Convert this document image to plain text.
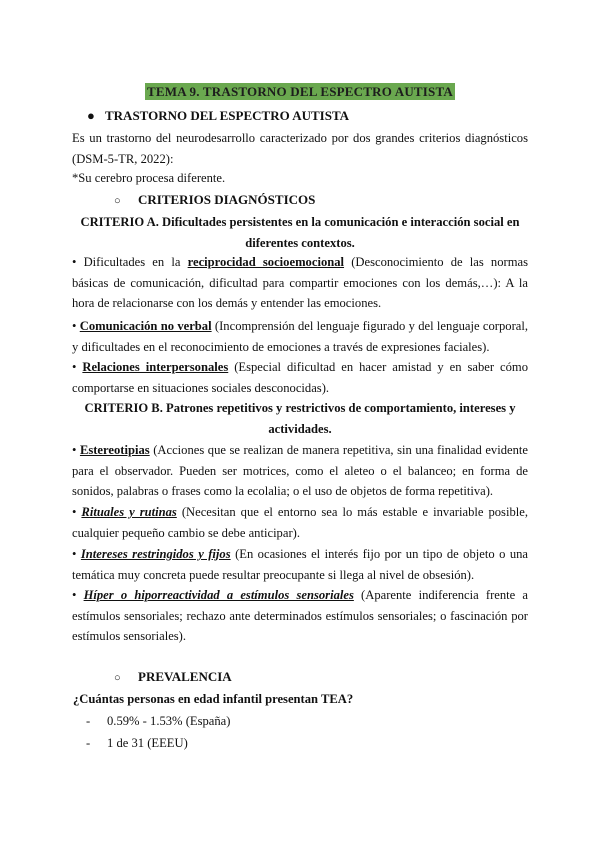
TEMA 9. TRASTORNO DEL ESPECTRO AUTISTA
● TRASTORNO DEL ESPECTRO AUTISTA
Es un trastorno del neurodesarrollo caracterizado por dos grandes criterios diagnósticos (DSM-5-TR, 2022):
*Su cerebro procesa diferente.
○ CRITERIOS DIAGNÓSTICOS
CRITERIO A. Dificultades persistentes en la comunicación e interacción social en
diferentes contextos.
• Dificultades en la reciprocidad socioemocional (Desconocimiento de las normas básicas de comunicación, dificultad para compartir emociones con los demás,…): A la hora de relacionarse con los demás y entender las emociones.
• Comunicación no verbal (Incomprensión del lenguaje figurado y del lenguaje corporal, y dificultades en el reconocimiento de emociones a través de expresiones faciales).
• Relaciones interpersonales (Especial dificultad en hacer amistad y en saber cómo comportarse en situaciones sociales desconocidas).
CRITERIO B. Patrones repetitivos y restrictivos de comportamiento, intereses y
actividades.
• Estereotipias (Acciones que se realizan de manera repetitiva, sin una finalidad evidente para el observador. Pueden ser motrices, como el aleteo o el balanceo; en forma de sonidos, palabras o frases como la ecolalia; o el uso de objetos de forma repetitiva).
• Rituales y rutinas (Necesitan que el entorno sea lo más estable e invariable posible, cualquier pequeño cambio se debe anticipar).
• Intereses restringidos y fijos (En ocasiones el interés fijo por un tipo de objeto o una temática muy concreta puede resultar preocupante si llega al nivel de obsesión).
• Híper o hiporreactividad a estímulos sensoriales (Aparente indiferencia frente a estímulos sensoriales; rechazo ante determinados estímulos sensoriales; o fascinación por estímulos sensoriales).
○ PREVALENCIA
¿Cuántas personas en edad infantil presentan TEA?
- 0.59% - 1.53% (España)
- 1 de 31 (EEEU)
